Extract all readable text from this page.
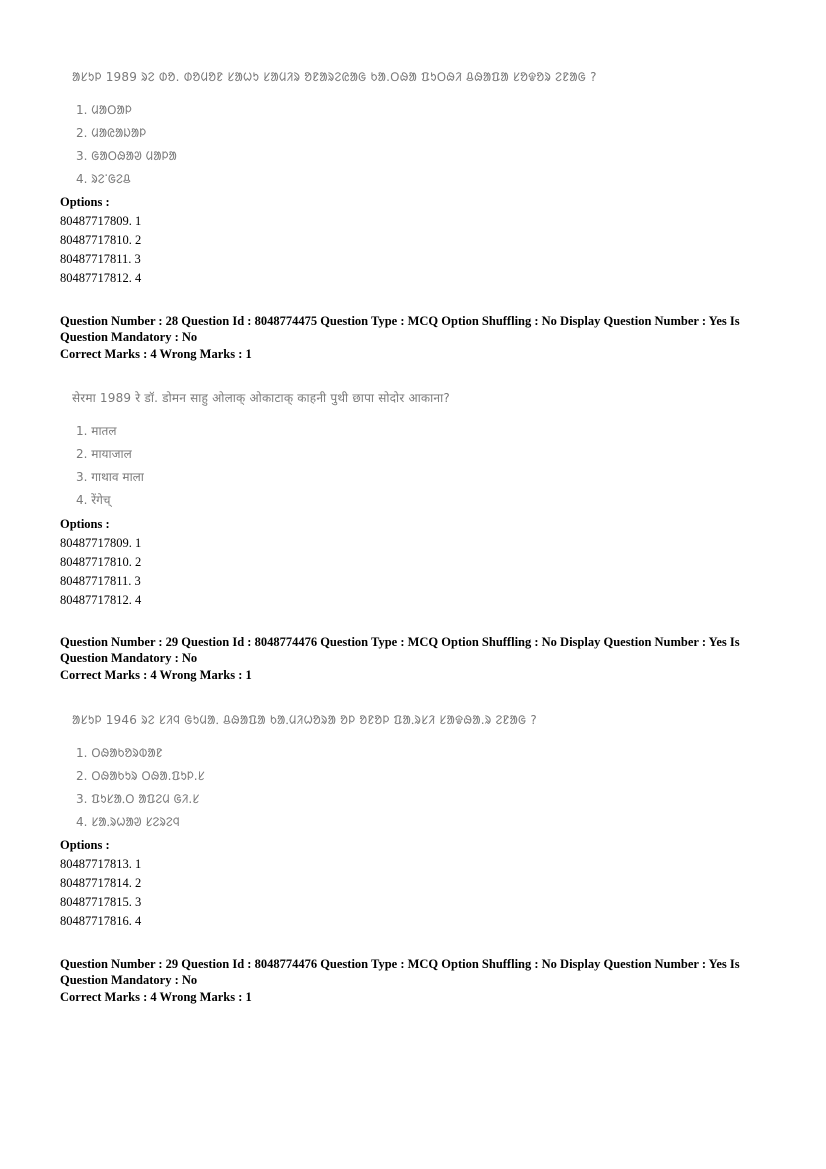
ᱟᱥᱩᱞ 1989 ᱨᱮ ᱰᱚ. ᱰᱚᱢᱚᱱ ᱥᱟᱦᱩ ᱥᱟᱢᱤᱨ ᱚᱱᱟᱨᱮᱭᱟᱜ ᱠᱟ.ᱛᱷᱟ ᱯᱩᱛᱷᱤ ᱪᱷᱟᱯᱟ ᱥᱚᱫᱚᱨ ᱮᱱᱟᱜ ?
1. ᱢᱟᱛᱟᱞ
2. ᱢᱟᱭᱟᱡᱟᱞ
3. ᱜᱟᱛᱷᱟᱣ ᱢᱟᱞᱟ
4. ᱨᱮᱸᱜᱮᱪ

Options :

80487717809. 1

80487717810. 2

80487717811. 3

80487717812. 4

Question Number : 28 Question Id : 8048774475 Question Type : MCQ Option Shuffling : No Display Question Number : Yes Is

Question Mandatory : No

Correct Marks : 4 Wrong Marks : 1

सेरमा 1989 रे डॉ. डोमन साहु ओलाक् ओकाटाक् काहनी पुथी छापा सोदोर आकाना?
1. मातल
2. मायाजाल
3. गाथाव माला
4. रेंगेच्

Options :

80487717809. 1

80487717810. 2

80487717811. 3

80487717812. 4

Question Number : 29 Question Id : 8048774476 Question Type : MCQ Option Shuffling : No Display Question Number : Yes Is

Question Mandatory : No

Correct Marks : 4 Wrong Marks : 1

ᱟᱥᱩᱞ 1946 ᱨᱮ ᱥᱤᱧ ᱜᱩᱢᱟᱹ ᱪᱷᱟᱯᱟ ᱠᱟᱹᱢᱤᱦᱚᱨᱟ ᱚᱞ ᱚᱱᱚᱞ ᱯᱟᱹᱨᱥᱤ ᱥᱟᱫᱷᱟ.ᱨ ᱮᱱᱟᱜ ?
1. ᱛᱷᱟᱠᱚᱨᱵᱟᱱ
2. ᱛᱷᱟᱠᱩᱨ ᱛᱷᱟ.ᱯᱩᱞ.ᱥ
3. ᱯᱩᱥᱟᱹᱛ ᱟᱯᱮᱢ ᱜᱤ.ᱥ
4. ᱥᱟᱹᱨᱦᱟᱣ ᱥᱮᱨᱮᱧ

Options :

80487717813. 1

80487717814. 2

80487717815. 3

80487717816. 4

Question Number : 29 Question Id : 8048774476 Question Type : MCQ Option Shuffling : No Display Question Number : Yes Is

Question Mandatory : No

Correct Marks : 4 Wrong Marks : 1
